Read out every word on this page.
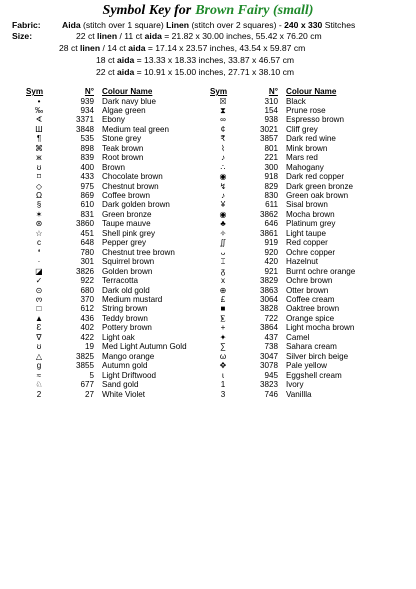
Symbol Key for Brown Fairy (small)
Fabric: Aida (stitch over 1 square) Linen (stitch over 2 squares) - 240 x 330 Stitches
Size:	22 ct linen / 11 ct aida = 21.82 x 30.00 inches, 55.42 x 76.20 cm
28 ct linen / 14 ct aida = 17.14 x 23.57 inches, 43.54 x 59.87 cm
18 ct aida = 13.33 x 18.33 inches, 33.87 x 46.57 cm
22 ct aida = 10.91 x 15.00 inches, 27.71 x 38.10 cm
Sym	N°	Colour Name
•	939	Dark navy blue
‰	934	Algae green
∢	3371	Ebony
Ш	3848	Medium teal green
¶	535	Stone grey
⌘	898	Teak brown
ж	839	Root brown
ʊ	400	Brown
⌑	433	Chocolate brown
◇	975	Chestnut brown
Ω	869	Coffee brown
§	610	Dark golden brown
✶	831	Green bronze
⊛	3860	Taupe mauve
☆	451	Shell pink grey
ϲ	648	Pepper grey
❛	780	Chestnut tree brown
·	301	Squirrel brown
◪	3826	Golden brown
✓	922	Terracotta
⊙	680	Dark old gold
ო	370	Medium mustard
□	612	String brown
▲	436	Teddy brown
Ɛ	402	Pottery brown
∇	422	Light oak
ʊ	19	Med Light Autumn Gold
△	3825	Mango orange
g	3855	Autumn gold
≈	5	Light Driftwood
♘	677	Sand gold
2	27	White Violet
Sym	N°	Colour Name
☒	310	Black
⧗	154	Prune rose
∞	938	Espresso brown
¢	3021	Cliff grey
₹	3857	Dark red wine
⌇	801	Mink brown
♪	221	Mars red
∴	300	Mahogany
◉	918	Dark red copper
↯	829	Dark green bronze
♪	830	Green oak brown
¥	611	Sisal brown
◉	3862	Mocha brown
♣	646	Platinum grey
✧	3861	Light taupe
∬	919	Red copper
ᴗ	920	Ochre copper
⌶	420	Hazelnut
ᵹ	921	Burnt ochre orange
x	3829	Ochre brown
⊕	3863	Otter brown
£	3064	Coffee cream
■	3828	Oaktree brown
⨊	722	Orange spice
+	3864	Light mocha brown
✦	437	Camel
∑	738	Sahara cream
ω	3047	Silver birch beige
✥	3078	Pale yellow
ɩ	945	Eggshell cream
1	3823	Ivory
3	746	Vanillla
